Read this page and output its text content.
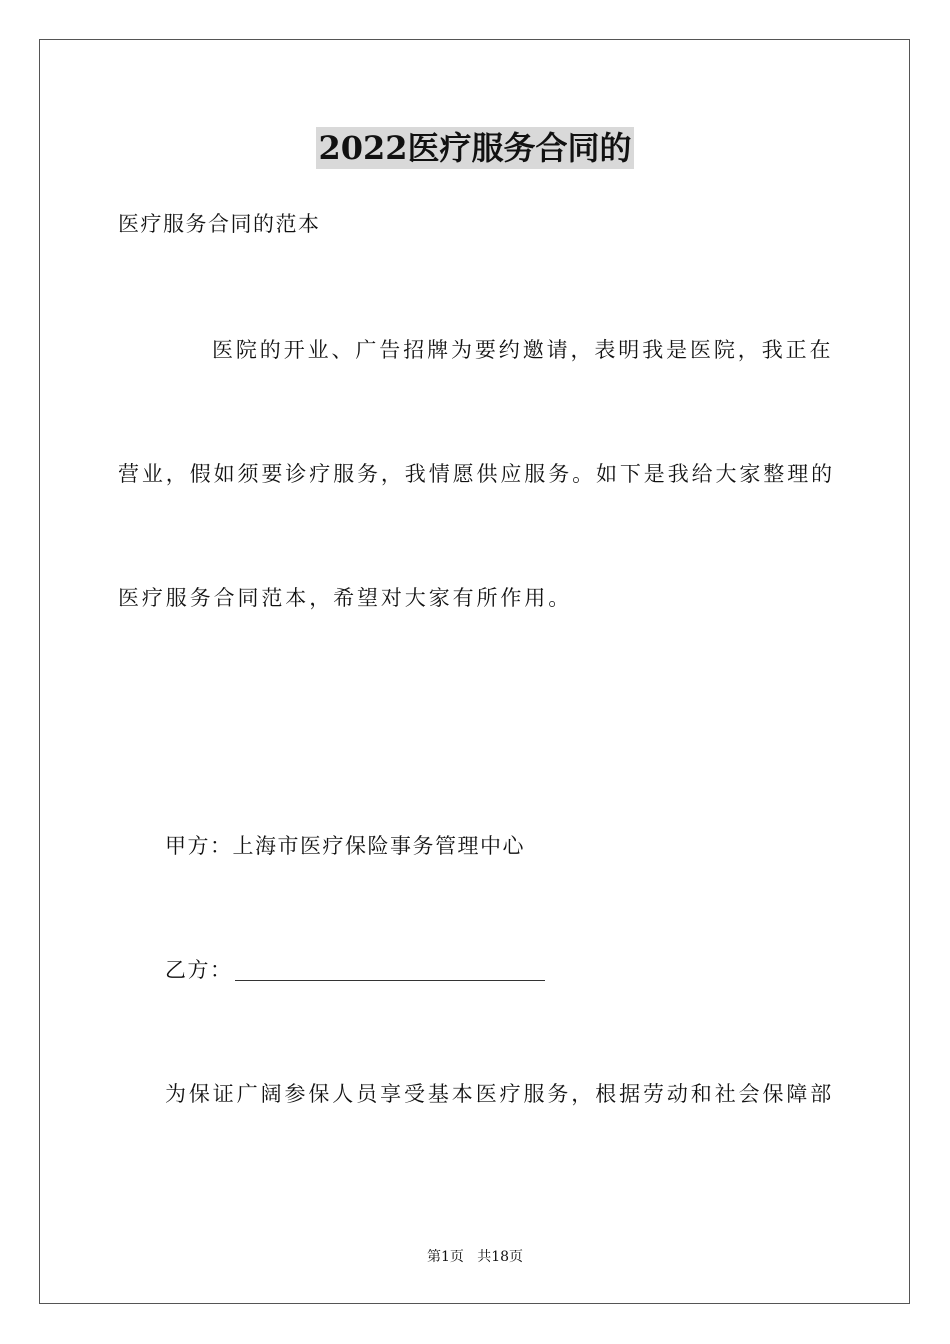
2022医疗服务合同的
医疗服务合同的范本
医院的开业、广告招牌为要约邀请，表明我是医院，我正在
营业，假如须要诊疗服务，我情愿供应服务。如下是我给大家整理的
医疗服务合同范本，希望对大家有所作用。
甲方：上海市医疗保险事务管理中心
乙方：
为保证广阔参保人员享受基本医疗服务，根据劳动和社会保障部
第1页   共18页
